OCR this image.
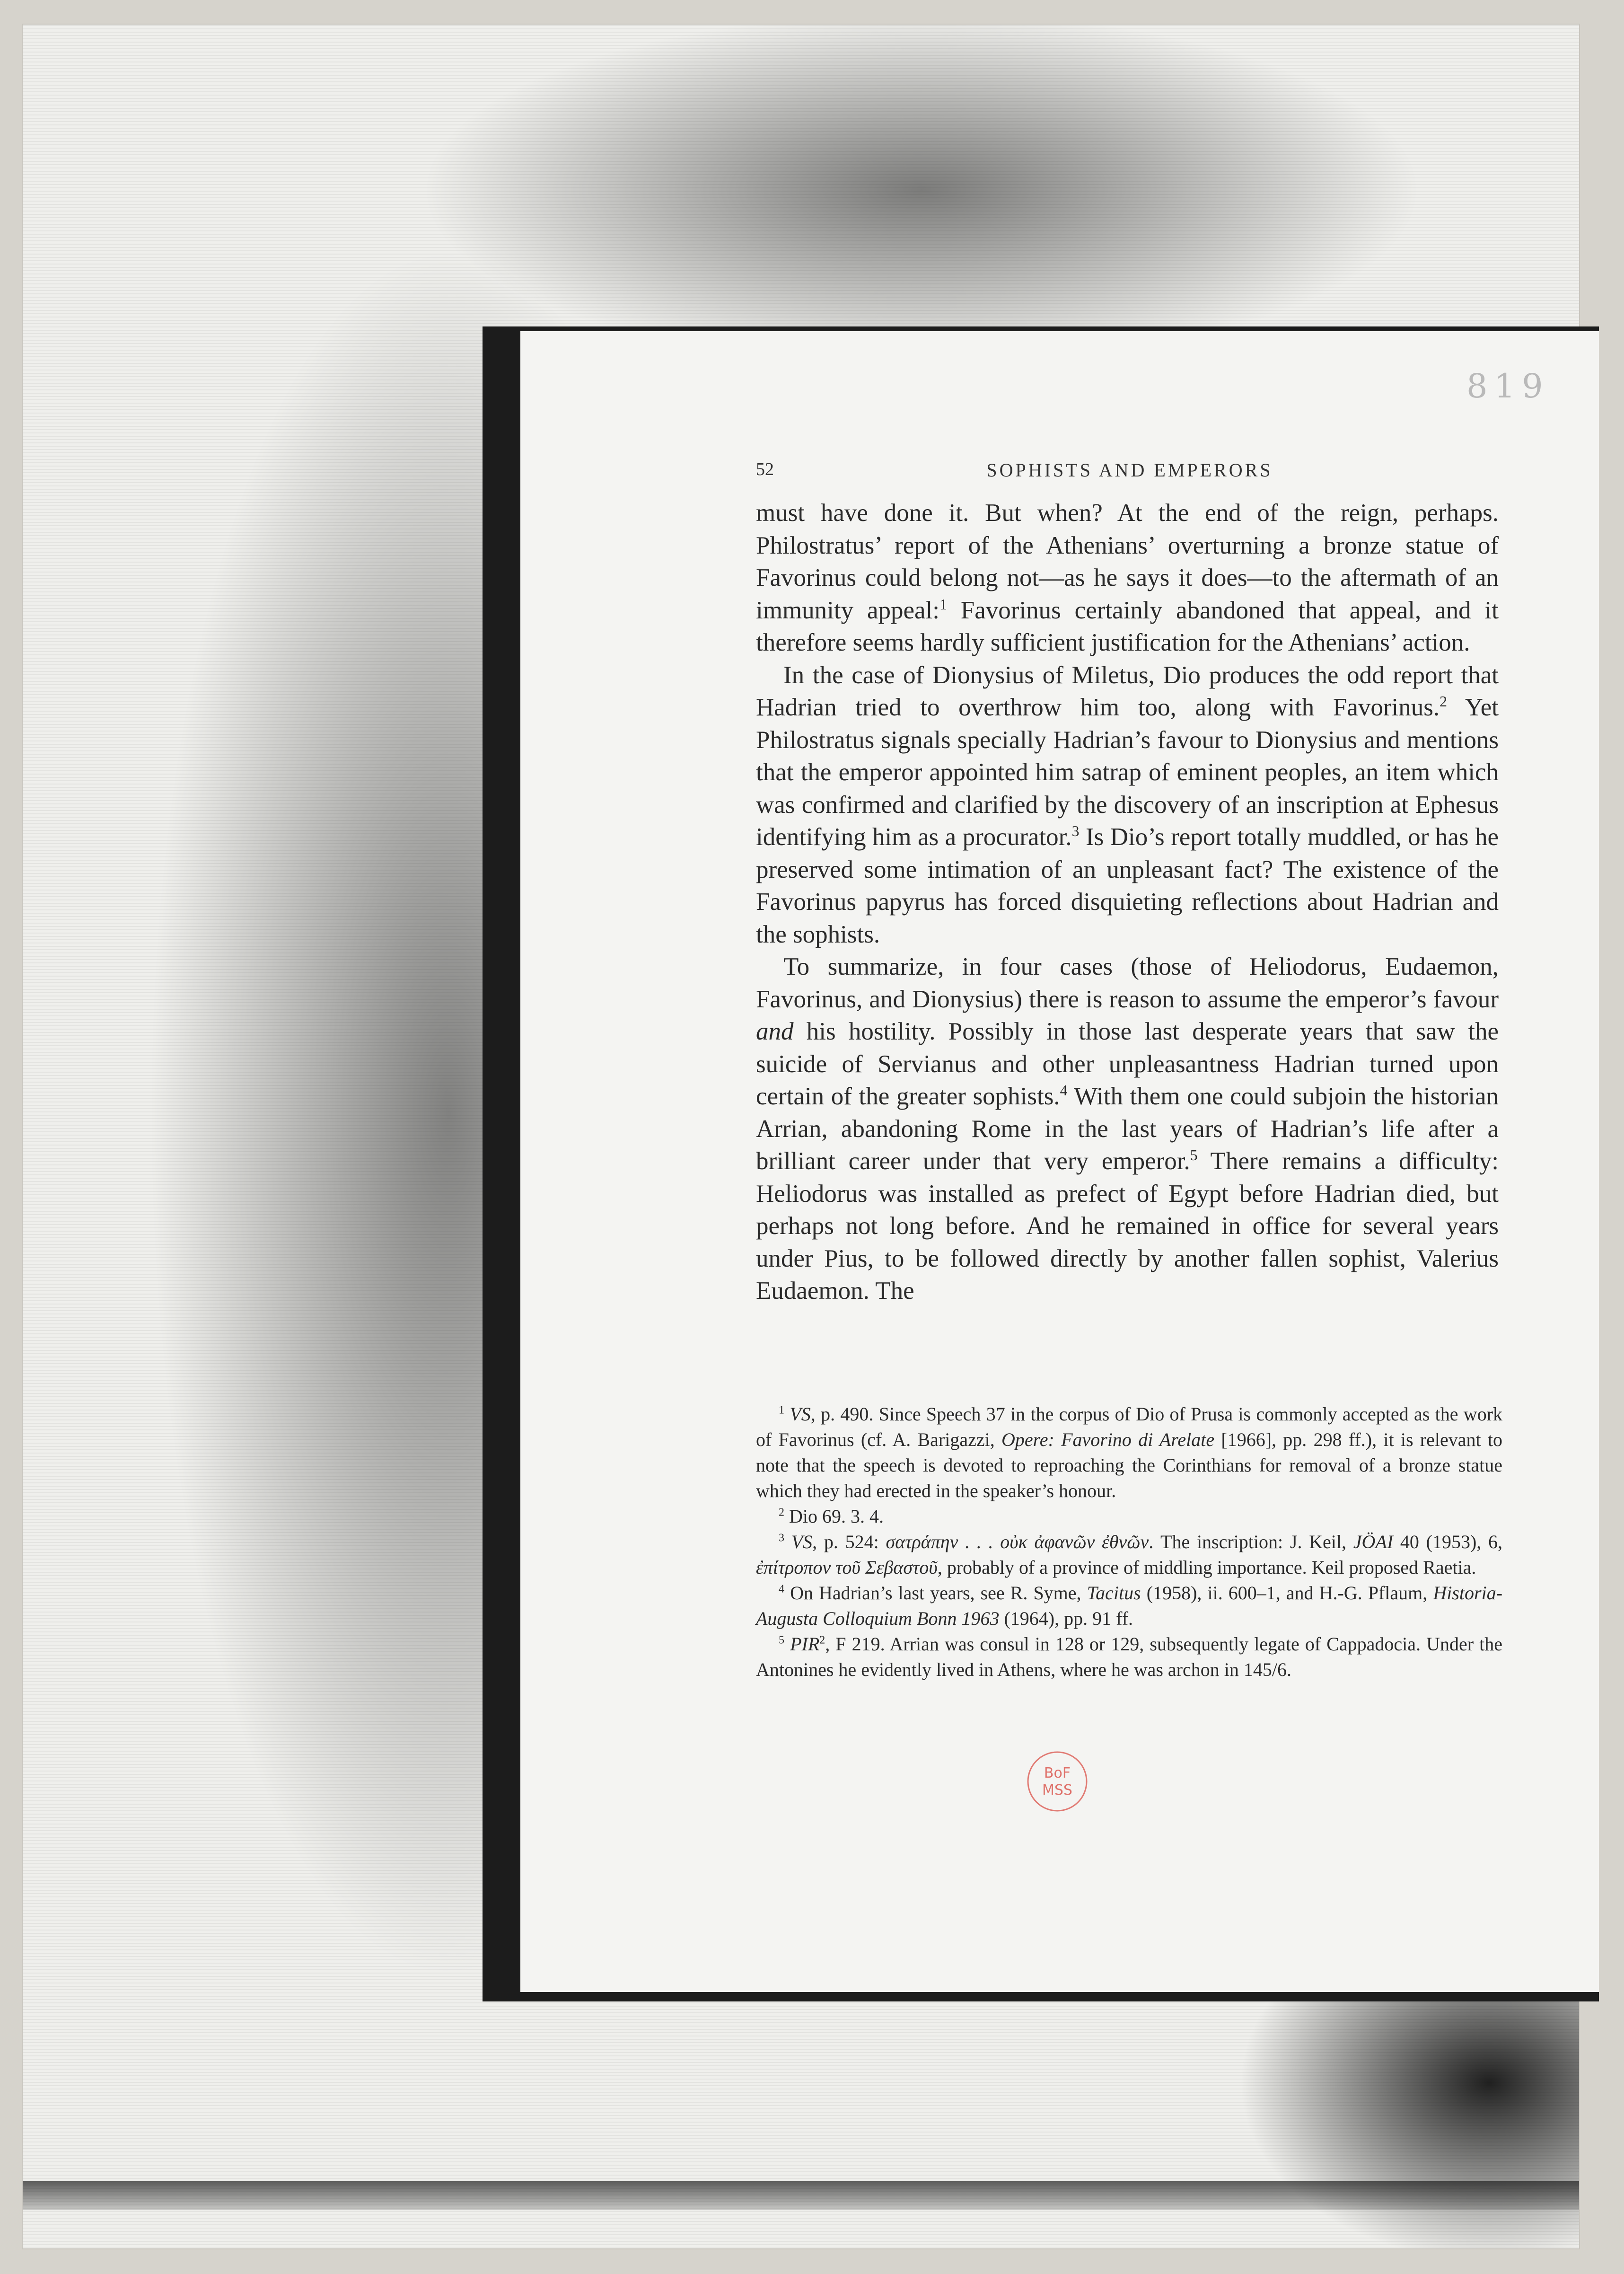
819
52	SOPHISTS AND EMPERORS

must have done it. But when? At the end of the reign, perhaps. Philostratus’ report of the Athenians’ overturning a bronze statue of Favorinus could belong not—as he says it does—to the aftermath of an immunity appeal:$^1$ Favorinus certainly abandoned that appeal, and it therefore seems hardly sufficient justification for the Athenians’ action.

In the case of Dionysius of Miletus, Dio produces the odd report that Hadrian tried to overthrow him too, along with Favorinus.$^2$ Yet Philostratus signals specially Hadrian’s favour to Dionysius and mentions that the emperor appointed him satrap of eminent peoples, an item which was confirmed and clarified by the discovery of an inscription at Ephesus identifying him as a procurator.$^3$ Is Dio’s report totally muddled, or has he preserved some intimation of an unpleasant fact? The existence of the Favorinus papyrus has forced disquieting reflections about Hadrian and the sophists.

To summarize, in four cases (those of Heliodorus, Eudaemon, Favorinus, and Dionysius) there is reason to assume the emperor’s favour and his hostility. Possibly in those last desperate years that saw the suicide of Servianus and other unpleasantness Hadrian turned upon certain of the greater sophists.$^4$ With them one could subjoin the historian Arrian, abandoning Rome in the last years of Hadrian’s life after a brilliant career under that very emperor.$^5$ There remains a difficulty: Heliodorus was installed as prefect of Egypt before Hadrian died, but perhaps not long before. And he remained in office for several years under Pius, to be followed directly by another fallen sophist, Valerius Eudaemon. The

$^1$ VS, p. 490. Since Speech 37 in the corpus of Dio of Prusa is commonly accepted as the work of Favorinus (cf. A. Barigazzi, Opere: Favorino di Arelate [1966], pp. 298 ff.), it is relevant to note that the speech is devoted to reproaching the Corinthians for removal of a bronze statue which they had erected in the speaker’s honour.

$^2$ Dio 69. 3. 4.

$^3$ VS, p. 524: σατράπην . . . οὐκ ἀφανῶν ἐθνῶν. The inscription: J. Keil, JÖAI 40 (1953), 6, ἐπίτροπον τοῦ Σεβαστοῦ, probably of a province of middling importance. Keil proposed Raetia.

$^4$ On Hadrian’s last years, see R. Syme, Tacitus (1958), ii. 600–1, and H.-G. Pflaum, Historia-Augusta Colloquium Bonn 1963 (1964), pp. 91 ff.

$^5$ PIR$^2$, F 219. Arrian was consul in 128 or 129, subsequently legate of Cappadocia. Under the Antonines he evidently lived in Athens, where he was archon in 145/6.

BoF
MSS
